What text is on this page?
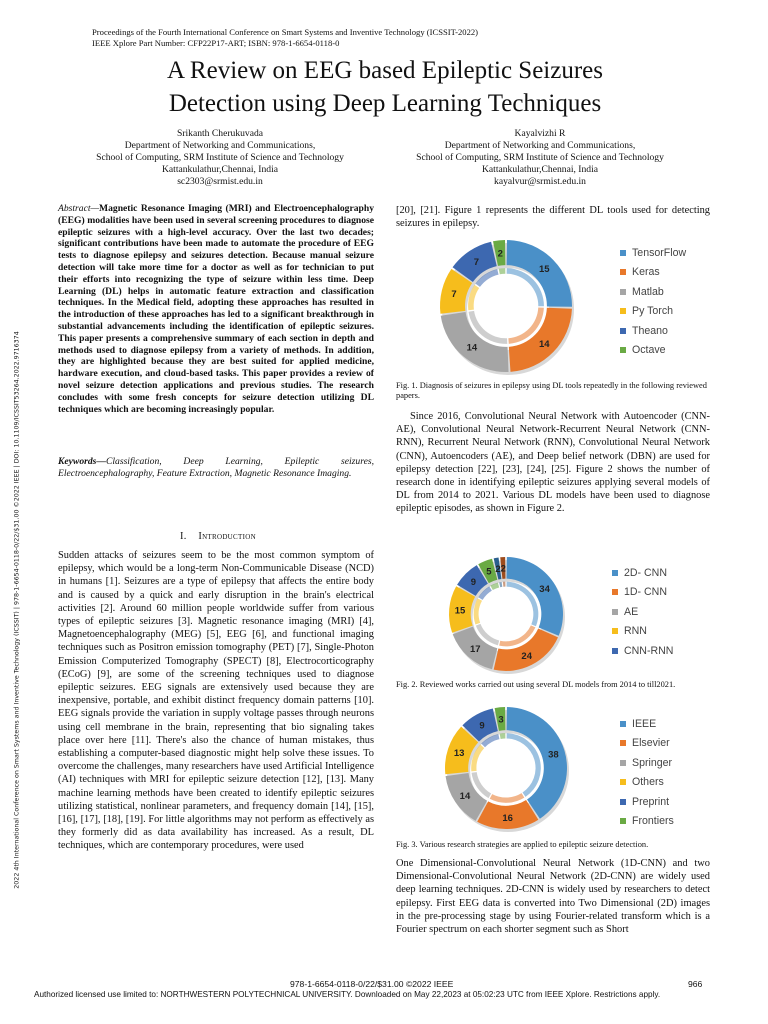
Proceedings of the Fourth International Conference on Smart Systems and Inventive Technology (ICSSIT-2022)
IEEE Xplore Part Number: CFP22P17-ART; ISBN: 978-1-6654-0118-0
A Review on EEG based Epileptic Seizures
Detection using Deep Learning Techniques
Srikanth Cherukuvada
Department of Networking and Communications,
School of Computing, SRM Institute of Science and Technology
Kattankulathur,Chennai, India
sc2303@srmist.edu.in
Kayalvizhi R
Department of Networking and Communications,
School of Computing, SRM Institute of Science and Technology
Kattankulathur,Chennai, India
kayalvur@srmist.edu.in
2022 4th International Conference on Smart Systems and Inventive Technology (ICSSIT) | 978-1-6654-0118-0/22/$31.00 ©2022 IEEE | DOI: 10.1109/ICSSIT53264.2022.9716374
Abstract—Magnetic Resonance Imaging (MRI) and Electroencephalography (EEG) modalities have been used in several screening procedures to diagnose epileptic seizures with a high-level accuracy. Over the last two decades; significant contributions have been made to automate the procedure of EEG tests to diagnose epilepsy and seizures detection. Because manual seizure detection will take more time for a doctor as well as for technician to put their efforts into recognizing the type of seizure within less time. Deep Learning (DL) helps in automatic feature extraction and classification techniques. In the Medical field, adopting these approaches has resulted in the introduction of these approaches has led to a significant breakthrough in substantial advancements including the identification of epileptic seizures. This paper presents a comprehensive summary of each section in depth and methods used to diagnose epilepsy from a variety of methods. In addition, they are highlighted because they are best suited for applied medicine, hardware execution, and cloud-based tasks. This paper provides a review of novel seizure detection applications and previous studies. The research concludes with some fresh concepts for seizure detection utilizing DL techniques which are becoming increasingly popular.
Keywords—Classification, Deep Learning, Epileptic seizures, Electroencephalography, Feature Extraction, Magnetic Resonance Imaging.
I. Introduction
Sudden attacks of seizures seem to be the most common symptom of epilepsy, which would be a long-term Non-Communicable Disease (NCD) in humans [1]. Seizures are a type of epilepsy that affects the entire body and is caused by a quick and early disruption in the brain's electrical activities [2]. Around 60 million people worldwide suffer from various types of epileptic seizures [3]. Magnetic resonance imaging (MRI) [4], Magnetoencephalography (MEG) [5], EEG [6], and functional imaging techniques such as Positron emission tomography (PET) [7], Single-Photon Emission Computerized Tomography (SPECT) [8], Electrocorticography (ECoG) [9], are some of the screening techniques used to diagnose epileptic seizures. EEG signals are extensively used because they are inexpensive, portable, and exhibit distinct frequency domain patterns [10]. EEG signals provide the variation in supply voltage passes through neurons using cell membrane in the brain, representing that bio signaling takes place over here [11]. There's also the chance of human mistakes, thus establishing a computer-based diagnostic might help solve these issues. To overcome the challenges, many researchers have used Artificial Intelligence (AI) techniques with MRI for epileptic seizure detection [12], [13]. Many machine learning methods have been created to identify epileptic seizures utilizing statistical, nonlinear parameters, and frequency domain [14], [15], [16], [17], [18], [19]. For little algorithms may not perform as effectively as they formerly did as data availability has increased. As a result, DL techniques, which are contemporary procedures, were used
[20], [21]. Figure 1 represents the different DL tools used for detecting seizures in epilepsy.
15
14
14
7
7
2	TensorFlow
Keras
Matlab
Py Torch
Theano
Octave
Fig. 1. Diagnosis of seizures in epilepsy using DL tools repeatedly in the following reviewed papers.
Since 2016, Convolutional Neural Network with Autoencoder (CNN-AE), Convolutional Neural Network-Recurrent Neural Network (CNN-RNN), Recurrent Neural Network (RNN), Convolutional Neural Network (CNN), Autoencoders (AE), and Deep belief network (DBN) are used for epilepsy detection [22], [23], [24], [25]. Figure 2 shows the number of research done in identifying epileptic seizures applying several models of DL from 2014 to 2021. Various DL models have been used to diagnose epileptic episodes, as shown in Figure 2.
34
24
17
15
9
5 2 2	2D- CNN
1D- CNN
AE
RNN
CNN-RNN
Fig. 2. Reviewed works carried out using several DL models from 2014 to till2021.
38
16
14
13
9
3	IEEE
Elsevier
Springer
Others
Preprint
Frontiers
Fig. 3. Various research strategies are applied to epileptic seizure detection.
One Dimensional-Convolutional Neural Network (1D-CNN) and two Dimensional-Convolutional Neural Network (2D-CNN) are widely used deep learning techniques. 2D-CNN is widely used by researchers to detect epilepsy. First EEG data is converted into Two Dimensional (2D) images in the pre-processing stage by using Fourier-related transform which is a Fourier spectrum on each shorter segment such as Short
978-1-6654-0118-0/22/$31.00 ©2022 IEEE	966
Authorized licensed use limited to: NORTHWESTERN POLYTECHNICAL UNIVERSITY. Downloaded on May 22,2023 at 05:02:23 UTC from IEEE Xplore. Restrictions apply.
